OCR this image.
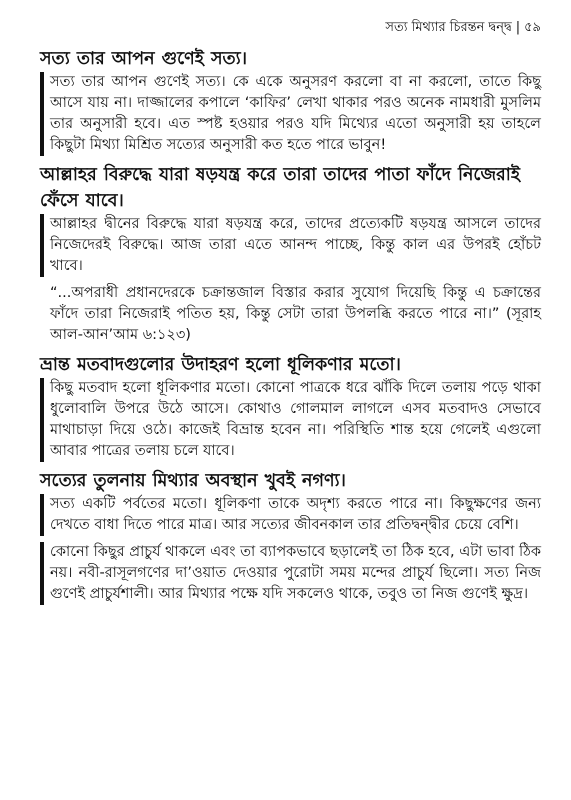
সত্য মিথ্যার চিরন্তন দ্বন্দ্ব | ৫৯
সত্য তার আপন গুণেই সত্য।

সত্য তার আপন গুণেই সত্য। কে একে অনুসরণ করলো বা না করলো, তাতে কিছু আসে যায় না। দাজ্জালের কপালে ‘কাফির’ লেখা থাকার পরও অনেক নামধারী মুসলিম তার অনুসারী হবে। এত স্পষ্ট হওয়ার পরও যদি মিথ্যের এতো অনুসারী হয় তাহলে কিছুটা মিথ্যা মিশ্রিত সত্যের অনুসারী কত হতে পারে ভাবুন!

আল্লাহর বিরুদ্ধে যারা ষড়যন্ত্র করে তারা তাদের পাতা ফাঁদে নিজেরাই ফেঁসে যাবে।

আল্লাহর দ্বীনের বিরুদ্ধে যারা ষড়যন্ত্র করে, তাদের প্রত্যেকটি ষড়যন্ত্র আসলে তাদের নিজেদেরই বিরুদ্ধে। আজ তারা এতে আনন্দ পাচ্ছে, কিন্তু কাল এর উপরই হোঁচট খাবে।

“...অপরাধী প্রধানদেরকে চক্রান্তজাল বিস্তার করার সুযোগ দিয়েছি কিন্তু এ চক্রান্তের ফাঁদে তারা নিজেরাই পতিত হয়, কিন্তু সেটা তারা উপলব্ধি করতে পারে না।” (সূরাহ আল-আন’আম ৬:১২৩)

ভ্রান্ত মতবাদগুলোর উদাহরণ হলো ধূলিকণার মতো।

কিছু মতবাদ হলো ধূলিকণার মতো। কোনো পাত্রকে ধরে ঝাঁকি দিলে তলায় পড়ে থাকা ধুলোবালি উপরে উঠে আসে। কোথাও গোলমাল লাগলে এসব মতবাদও সেভাবে মাথাচাড়া দিয়ে ওঠে। কাজেই বিভ্রান্ত হবেন না। পরিস্থিতি শান্ত হয়ে গেলেই এগুলো আবার পাত্রের তলায় চলে যাবে।

সত্যের তুলনায় মিথ্যার অবস্থান খুবই নগণ্য।

সত্য একটি পর্বতের মতো। ধূলিকণা তাকে অদৃশ্য করতে পারে না। কিছুক্ষণের জন্য দেখতে বাধা দিতে পারে মাত্র। আর সত্যের জীবনকাল তার প্রতিদ্বন্দ্বীর চেয়ে বেশি।

কোনো কিছুর প্রাচুর্য থাকলে এবং তা ব্যাপকভাবে ছড়ালেই তা ঠিক হবে, এটা ভাবা ঠিক নয়। নবী-রাসূলগণের দা’ওয়াত দেওয়ার পুরোটা সময় মন্দের প্রাচুর্য ছিলো। সত্য নিজ গুণেই প্রাচুর্যশালী। আর মিথ্যার পক্ষে যদি সকলেও থাকে, তবুও তা নিজ গুণেই ক্ষুদ্র।
